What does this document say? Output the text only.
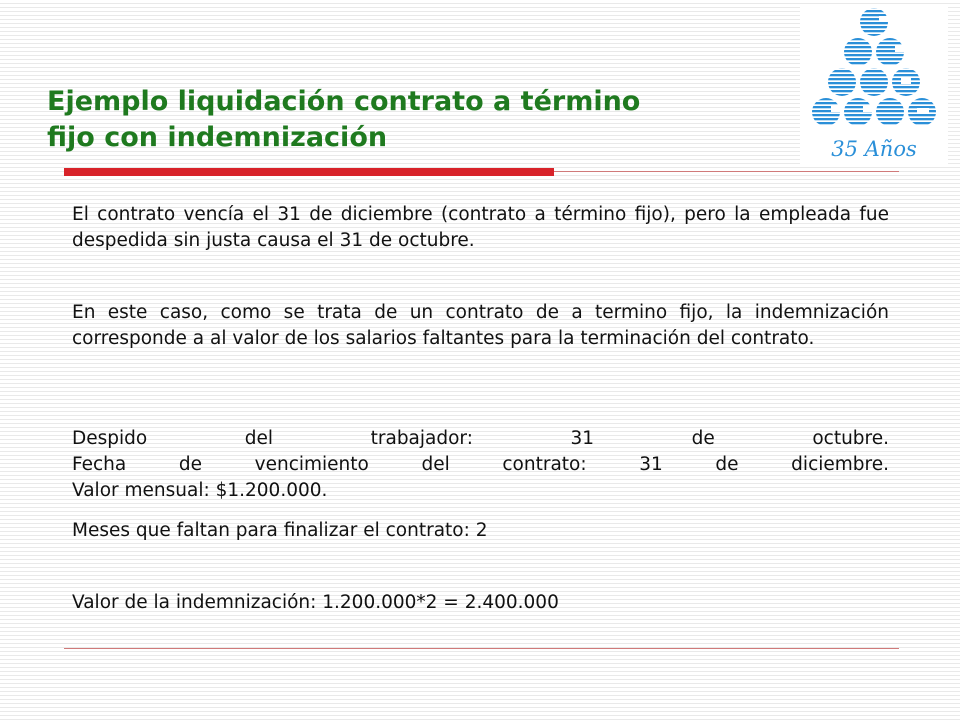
Ejemplo liquidación contrato a término
fijo con indemnización	35 Años
El contrato vencía el 31 de diciembre (contrato a término fijo), pero la empleada fue despedida sin justa causa el 31 de octubre.
En este caso, como se trata de un contrato de a termino fijo, la indemnización corresponde a al valor de los salarios faltantes para la terminación del contrato.
Despido del trabajador: 31 de octubre.
Fecha de vencimiento del contrato: 31 de diciembre.
Valor mensual: $1.200.000.
Meses que faltan para finalizar el contrato: 2
Valor de la indemnización: 1.200.000*2 = 2.400.000
